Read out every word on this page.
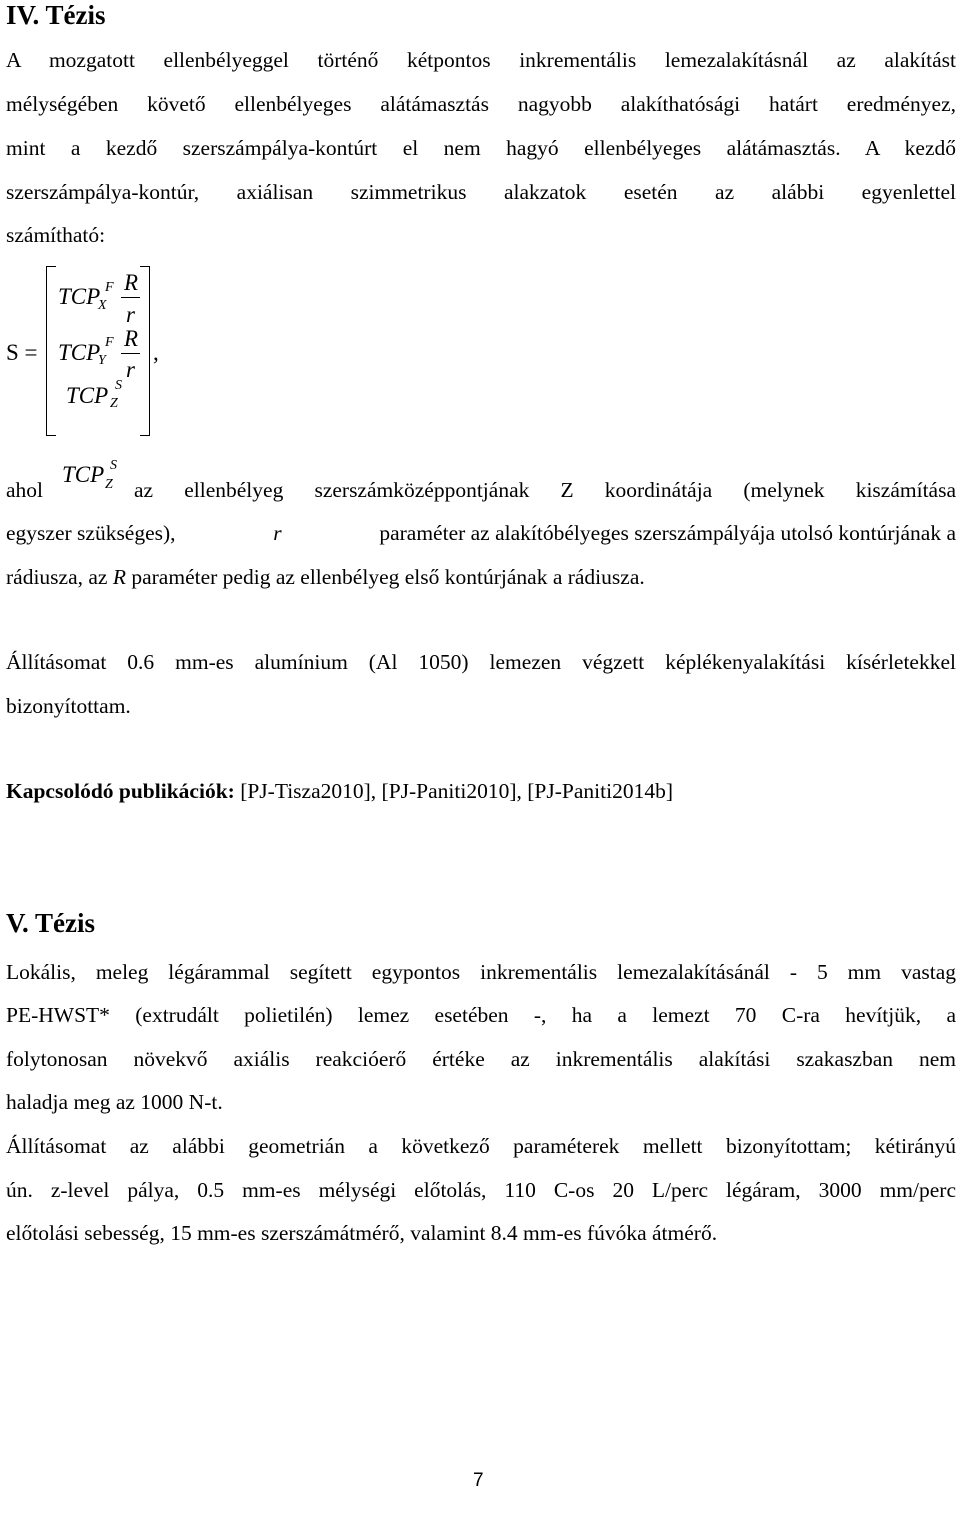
IV. Tézis
A mozgatott ellenbélyeggel történő kétpontos inkrementális lemezalakításnál az alakítást
mélységében követő ellenbélyeges alátámasztás nagyobb alakíthatósági határt eredményez,
mint a kezdő szerszámpálya-kontúrt el nem hagyó ellenbélyeges alátámasztás. A kezdő
szerszámpálya-kontúr, axiálisan szimmetrikus alakzatok esetén az alábbi egyenlettel
számítható:
S =
TCP F
X
R
r
TCP F
Y
R
r
TCP S
Z
,
ahol
TCP S
Z az ellenbélyeg szerszámközéppontjának Z koordinátája (melynek kiszámítása
egyszer szükséges),	r	paraméter az alakítóbélyeges szerszámpályája utolsó kontúrjának a
rádiusza, az R paraméter pedig az ellenbélyeg első kontúrjának a rádiusza.
Állításomat 0.6 mm-es alumínium (Al 1050) lemezen végzett képlékenyalakítási kísérletekkel
bizonyítottam.
Kapcsolódó publikációk: [PJ-Tisza2010], [PJ-Paniti2010], [PJ-Paniti2014b]
V. Tézis
Lokális, meleg légárammal segített egypontos inkrementális lemezalakításánál - 5 mm vastag
PE-HWST* (extrudált polietilén) lemez esetében -, ha a lemezt 70 C-ra hevítjük, a
folytonosan növekvő axiális reakcióerő értéke az inkrementális alakítási szakaszban nem
haladja meg az 1000 N-t.
Állításomat az alábbi geometrián a következő paraméterek mellett bizonyítottam; kétirányú
ún. z-level pálya, 0.5 mm-es mélységi előtolás, 110 C-os 20 L/perc légáram, 3000 mm/perc
előtolási sebesség, 15 mm-es szerszámátmérő, valamint 8.4 mm-es fúvóka átmérő.
7
